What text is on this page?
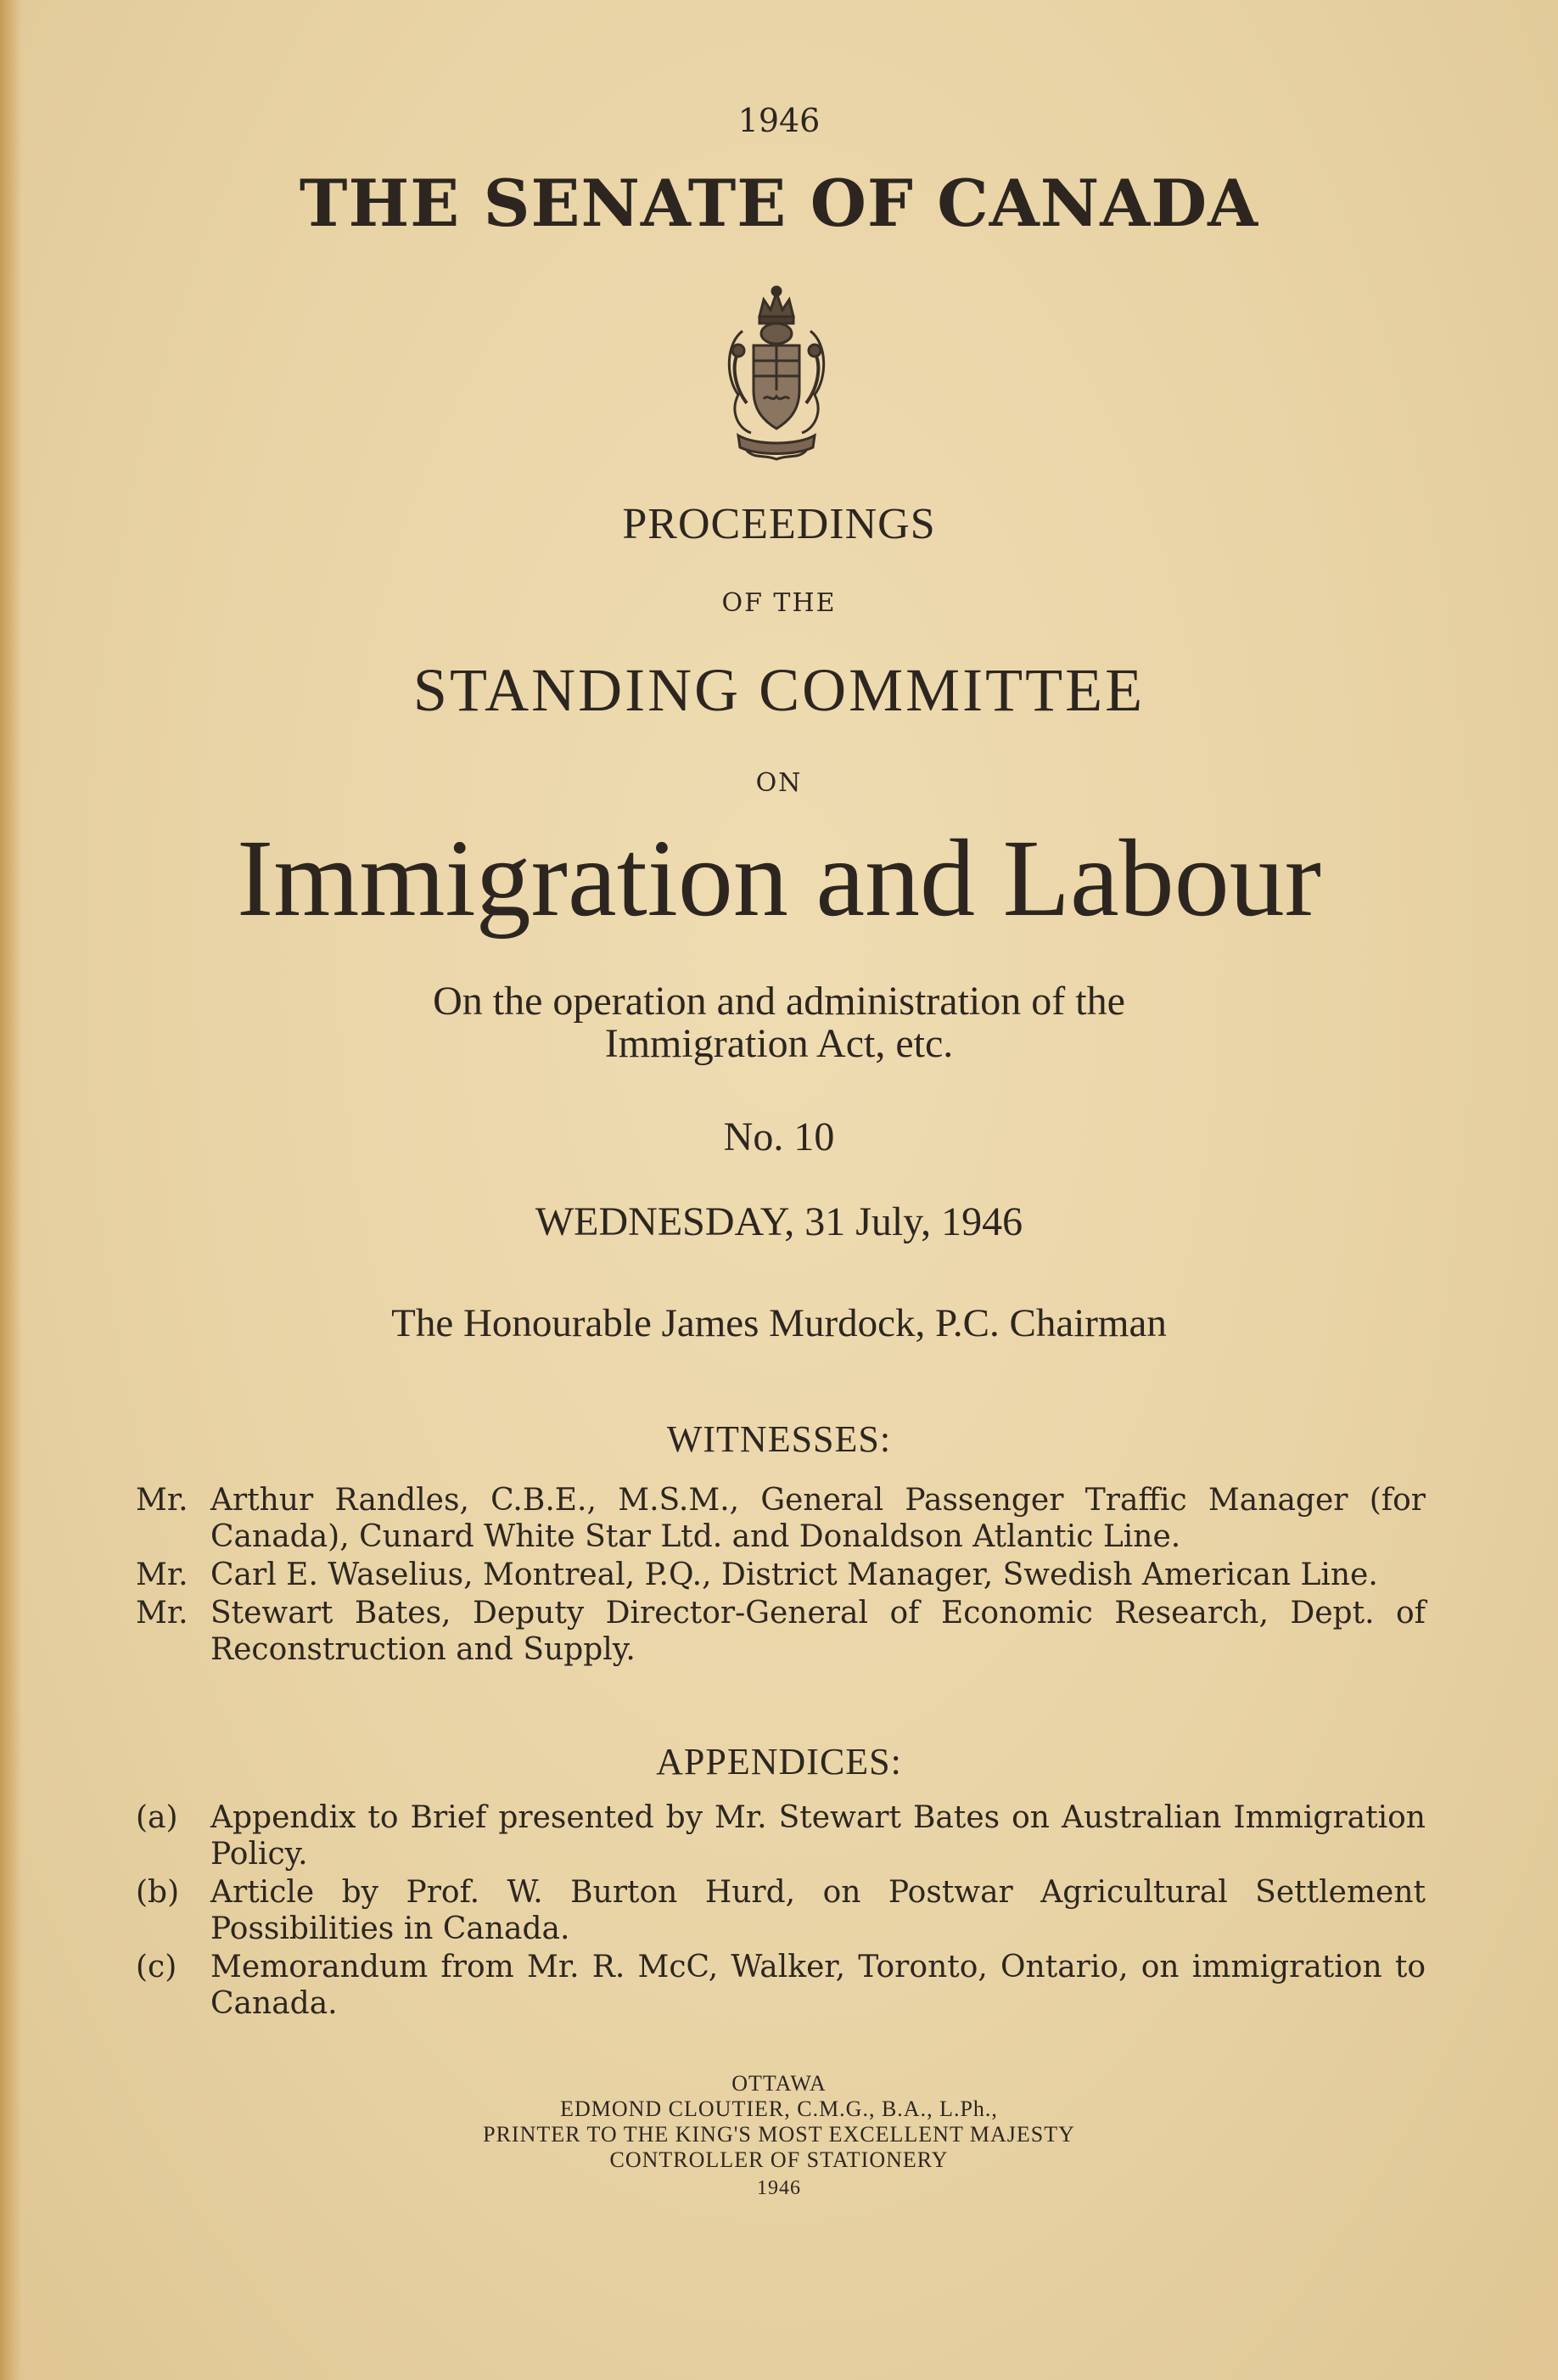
1946

THE SENATE OF CANADA

PROCEEDINGS

OF THE

STANDING COMMITTEE

ON

Immigration and Labour

On the operation and administration of the

Immigration Act, etc.

No. 10

WEDNESDAY, 31 July, 1946

The Honourable James Murdock, P.C. Chairman

WITNESSES:

Mr. Arthur Randles, C.B.E., M.S.M., General Passenger Traffic Manager (for Canada), Cunard White Star Ltd. and Donaldson Atlantic Line.
Mr. Carl E. Waselius, Montreal, P.Q., District Manager, Swedish American Line.
Mr. Stewart Bates, Deputy Director-General of Economic Research, Dept. of Reconstruction and Supply.

APPENDICES:

(a) Appendix to Brief presented by Mr. Stewart Bates on Australian Immigration Policy.
(b) Article by Prof. W. Burton Hurd, on Postwar Agricultural Settlement Possibilities in Canada.
(c) Memorandum from Mr. R. McC, Walker, Toronto, Ontario, on immigration to Canada.

OTTAWA

EDMOND CLOUTIER, C.M.G., B.A., L.Ph.,

PRINTER TO THE KING'S MOST EXCELLENT MAJESTY

CONTROLLER OF STATIONERY

1946
